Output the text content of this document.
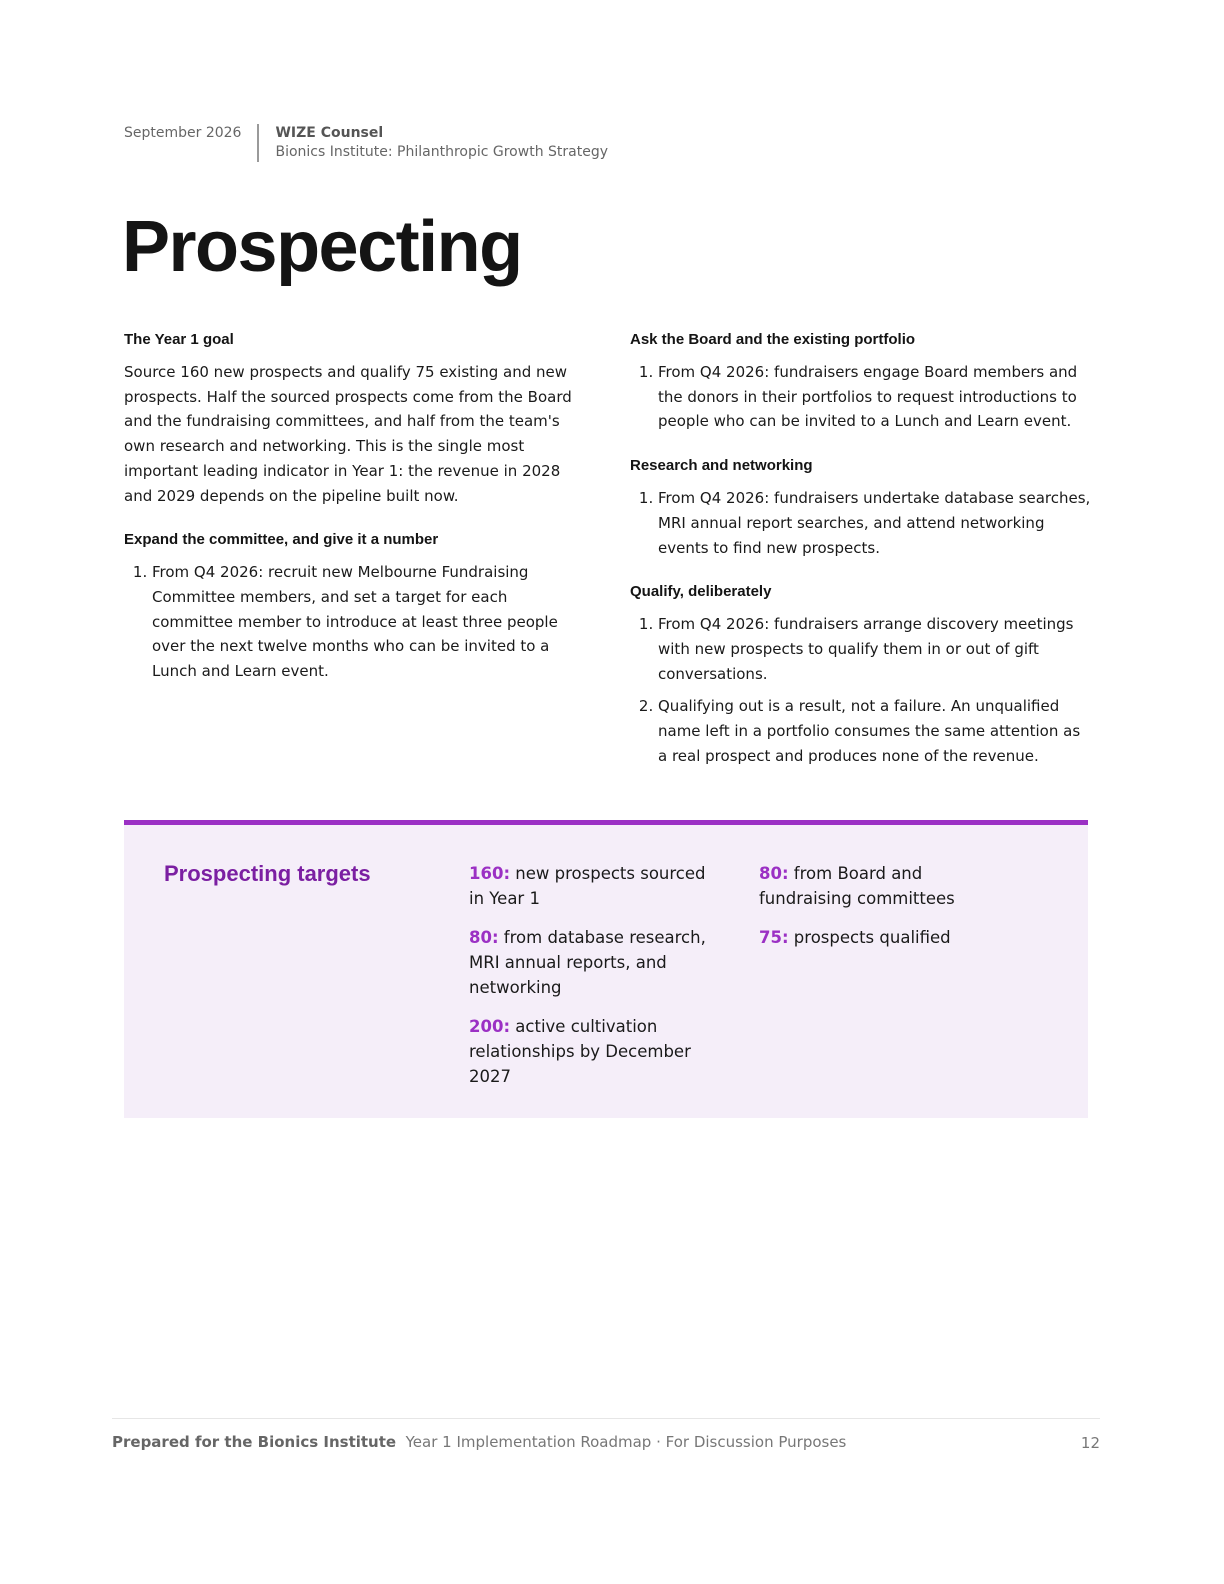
September 2026	WIZE Counsel
Bionics Institute: Philanthropic Growth Strategy
Prospecting
The Year 1 goal

Source 160 new prospects and qualify 75 existing and new prospects. Half the sourced prospects come from the Board and the fundraising committees, and half from the team's own research and networking. This is the single most important leading indicator in Year 1: the revenue in 2028 and 2029 depends on the pipeline built now.

Expand the committee, and give it a number
1. From Q4 2026: recruit new Melbourne Fundraising Committee members, and set a target for each committee member to introduce at least three people over the next twelve months who can be invited to a Lunch and Learn event.
Ask the Board and the existing portfolio
1. From Q4 2026: fundraisers engage Board members and the donors in their portfolios to request introductions to people who can be invited to a Lunch and Learn event.
Research and networking
1. From Q4 2026: fundraisers undertake database searches, MRI annual report searches, and attend networking events to find new prospects.
Qualify, deliberately
1. From Q4 2026: fundraisers arrange discovery meetings with new prospects to qualify them in or out of gift conversations.
2. Qualifying out is a result, not a failure. An unqualified name left in a portfolio consumes the same attention as a real prospect and produces none of the revenue.
Prospecting targets	160: new prospects sourced in Year 1
80: from database research, MRI annual reports, and networking
200: active cultivation relationships by December 2027
80: from Board and fundraising committees
75: prospects qualified
Prepared for the Bionics Institute Year 1 Implementation Roadmap · For Discussion Purposes	12
